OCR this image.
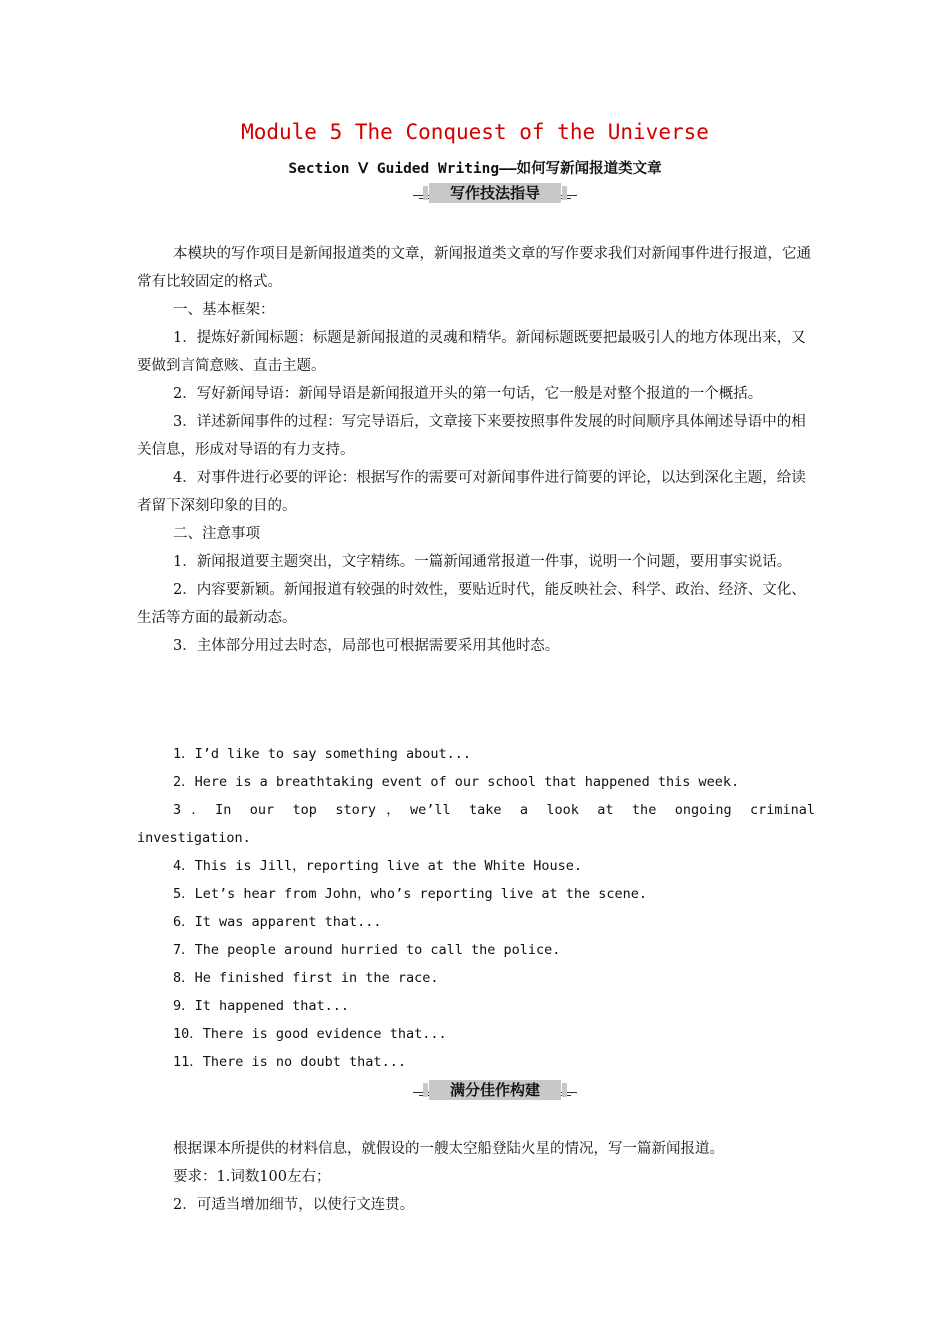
Module 5 The Conquest of the Universe
Section Ⅴ Guided Writing——如何写新闻报道类文章
写作技法指导

本模块的写作项目是新闻报道类的文章，新闻报道类文章的写作要求我们对新闻事件进行报道，它通常有比较固定的格式。

一、基本框架：

1．提炼好新闻标题：标题是新闻报道的灵魂和精华。新闻标题既要把最吸引人的地方体现出来，又要做到言简意赅、直击主题。

2．写好新闻导语：新闻导语是新闻报道开头的第一句话，它一般是对整个报道的一个概括。

3．详述新闻事件的过程：写完导语后，文章接下来要按照事件发展的时间顺序具体阐述导语中的相关信息，形成对导语的有力支持。

4．对事件进行必要的评论：根据写作的需要可对新闻事件进行简要的评论，以达到深化主题，给读者留下深刻印象的目的。

二、注意事项

1．新闻报道要主题突出，文字精练。一篇新闻通常报道一件事，说明一个问题，要用事实说话。

2．内容要新颖。新闻报道有较强的时效性，要贴近时代，能反映社会、科学、政治、经济、文化、生活等方面的最新动态。

3．主体部分用过去时态，局部也可根据需要采用其他时态。

1．I’d like to say something about...

2．Here is a breathtaking event of our school that happened this week.

3．In our top story，we’ll take a look at the ongoing criminal

investigation.

4．This is Jill，reporting live at the White House.

5．Let’s hear from John，who’s reporting live at the scene.

6．It was apparent that...

7．The people around hurried to call the police.

8．He finished first in the race.

9．It happened that...

10．There is good evidence that...

11．There is no doubt that...

满分佳作构建

根据课本所提供的材料信息，就假设的一艘太空船登陆火星的情况，写一篇新闻报道。

要求：1.词数100左右；

2．可适当增加细节，以使行文连贯。
